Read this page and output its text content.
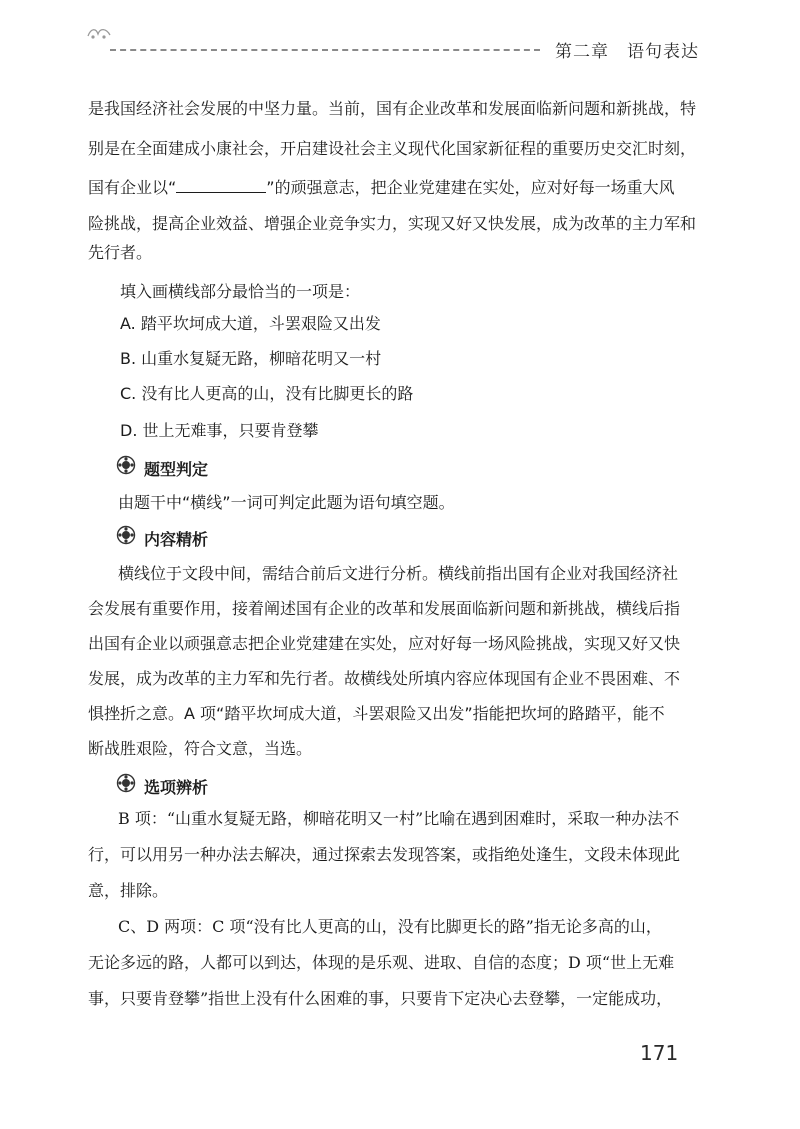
第二章 语句表达
是我国经济社会发展的中坚力量。当前，国有企业改革和发展面临新问题和新挑战，特
别是在全面建成小康社会，开启建设社会主义现代化国家新征程的重要历史交汇时刻，
国有企业以“	”的顽强意志，把企业党建建在实处，应对好每一场重大风
险挑战，提高企业效益、增强企业竞争实力，实现又好又快发展，成为改革的主力军和
先行者。
填入画横线部分最恰当的一项是：
A. 踏平坎坷成大道，斗罢艰险又出发
B. 山重水复疑无路，柳暗花明又一村
C. 没有比人更高的山，没有比脚更长的路
D. 世上无难事，只要肯登攀
题型判定
由题干中“横线”一词可判定此题为语句填空题。
内容精析
横线位于文段中间，需结合前后文进行分析。横线前指出国有企业对我国经济社
会发展有重要作用，接着阐述国有企业的改革和发展面临新问题和新挑战，横线后指
出国有企业以顽强意志把企业党建建在实处，应对好每一场风险挑战，实现又好又快
发展，成为改革的主力军和先行者。故横线处所填内容应体现国有企业不畏困难、不
惧挫折之意。A 项“踏平坎坷成大道，斗罢艰险又出发”指能把坎坷的路踏平，能不
断战胜艰险，符合文意，当选。
选项辨析
B 项：“山重水复疑无路，柳暗花明又一村”比喻在遇到困难时，采取一种办法不
行，可以用另一种办法去解决，通过探索去发现答案，或指绝处逢生，文段未体现此
意，排除。
C、D 两项：C 项“没有比人更高的山，没有比脚更长的路”指无论多高的山，
无论多远的路，人都可以到达，体现的是乐观、进取、自信的态度；D 项“世上无难
事，只要肯登攀”指世上没有什么困难的事，只要肯下定决心去登攀，一定能成功，
171
